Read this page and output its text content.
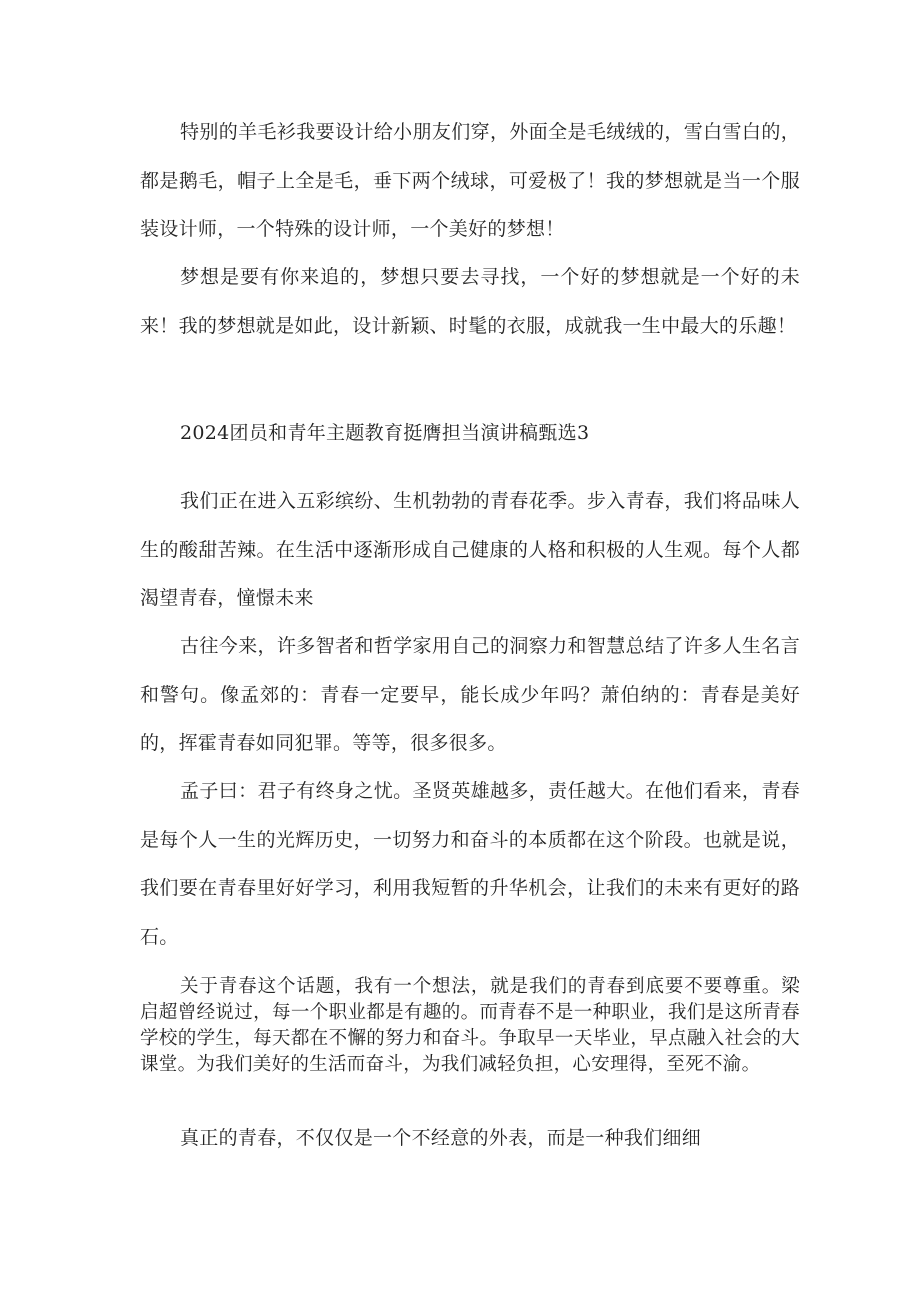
特别的羊毛衫我要设计给小朋友们穿，外面全是毛绒绒的，雪白雪白的，都是鹅毛，帽子上全是毛，垂下两个绒球，可爱极了！我的梦想就是当一个服装设计师，一个特殊的设计师，一个美好的梦想！

梦想是要有你来追的，梦想只要去寻找，一个好的梦想就是一个好的未来！我的梦想就是如此，设计新颖、时髦的衣服，成就我一生中最大的乐趣！

2024团员和青年主题教育挺膺担当演讲稿甄选3

我们正在进入五彩缤纷、生机勃勃的青春花季。步入青春，我们将品味人生的酸甜苦辣。在生活中逐渐形成自己健康的人格和积极的人生观。每个人都渴望青春，憧憬未来

古往今来，许多智者和哲学家用自己的洞察力和智慧总结了许多人生名言和警句。像孟郊的：青春一定要早，能长成少年吗？萧伯纳的：青春是美好的，挥霍青春如同犯罪。等等，很多很多。

孟子曰：君子有终身之忧。圣贤英雄越多，责任越大。在他们看来，青春是每个人一生的光辉历史，一切努力和奋斗的本质都在这个阶段。也就是说，我们要在青春里好好学习，利用我短暂的升华机会，让我们的未来有更好的路石。

关于青春这个话题，我有一个想法，就是我们的青春到底要不要尊重。梁启超曾经说过，每一个职业都是有趣的。而青春不是一种职业，我们是这所青春学校的学生，每天都在不懈的努力和奋斗。争取早一天毕业，早点融入社会的大课堂。为我们美好的生活而奋斗，为我们减轻负担，心安理得，至死不渝。

真正的青春，不仅仅是一个不经意的外表，而是一种我们细细
